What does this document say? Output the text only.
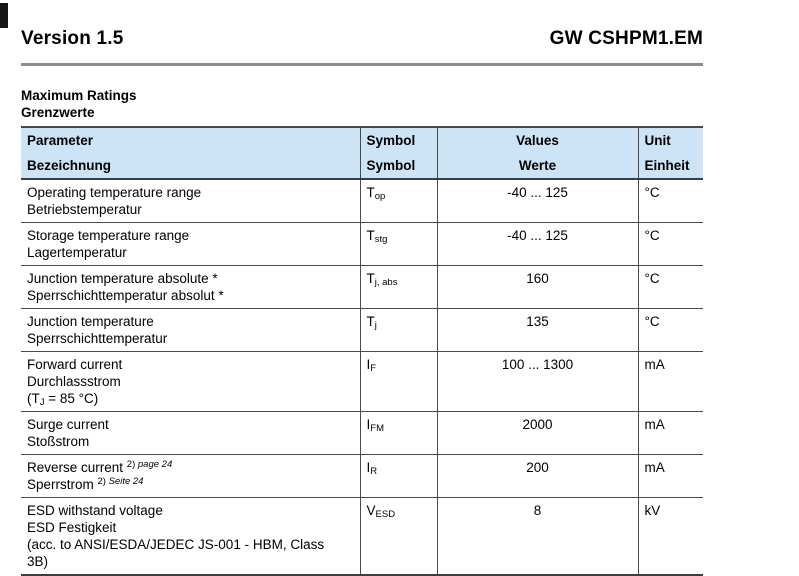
Version 1.5	GW CSHPM1.EM
Maximum Ratings
Grenzwerte
Parameter	Symbol	Values	Unit
Bezeichnung	Symbol	Werte	Einheit

Operating temperature range
Betriebstemperatur	$T_{op}$	-40 ... 125	°C

Storage temperature range
Lagertemperatur	$T_{stg}$	-40 ... 125	°C

Junction temperature absolute *
Sperrschichttemperatur absolut *	$T_{j, abs}$	160	°C

Junction temperature
Sperrschichttemperatur	$T_j$	135	°C

Forward current
Durchlassstrom
($T_J = 85$ °C)	$I_F$	100 ... 1300	mA

Surge current
Stoßstrom	$I_{FM}$	2000	mA

Reverse current $^{2)}$ $^{page 24}$
Sperrstrom $^{2)}$ $^{Seite 24}$	$I_R$	200	mA

ESD withstand voltage
ESD Festigkeit
(acc. to ANSI/ESDA/JEDEC JS-001 - HBM, Class
3B)	$V_{ESD}$	8	kV
